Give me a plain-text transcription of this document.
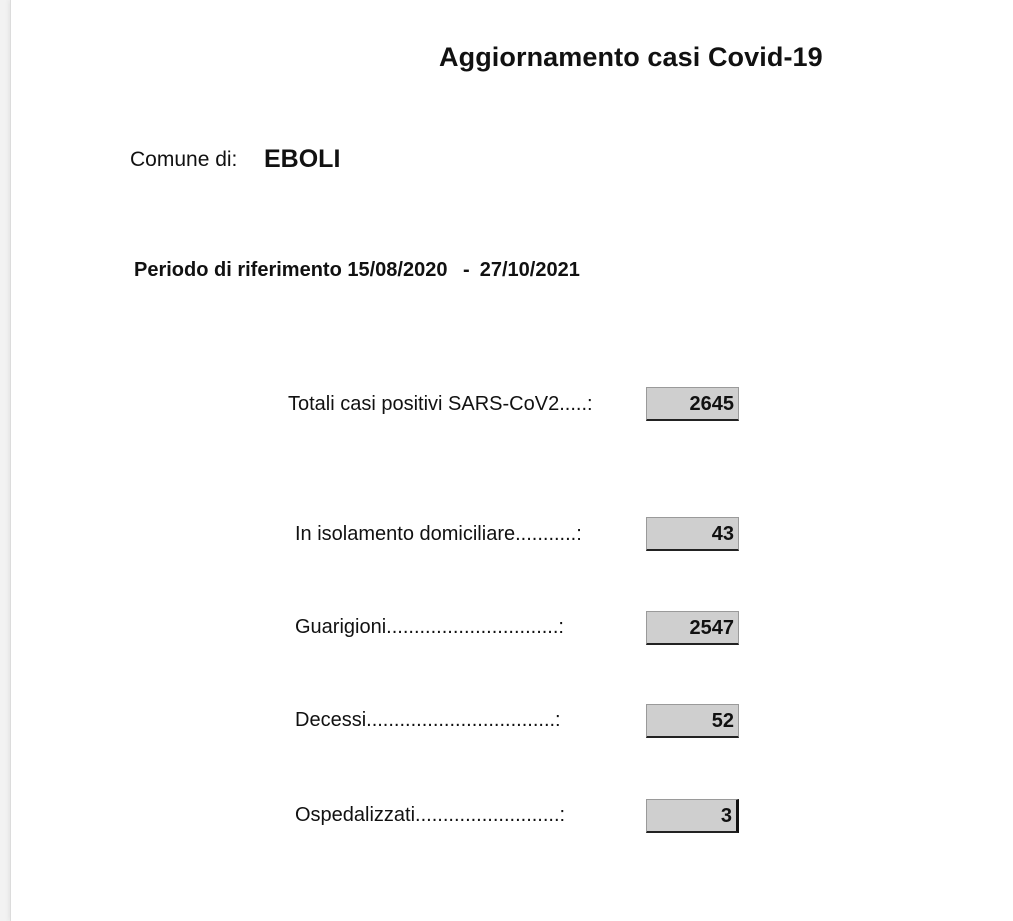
Aggiornamento casi Covid-19
Comune di: EBOLI
Periodo di riferimento 15/08/2020 - 27/10/2021
Totali casi positivi SARS-CoV2.....:	2645
In isolamento domiciliare...........:	43
Guarigioni...............................:	2547
Decessi..................................:	52
Ospedalizzati..........................:	3
